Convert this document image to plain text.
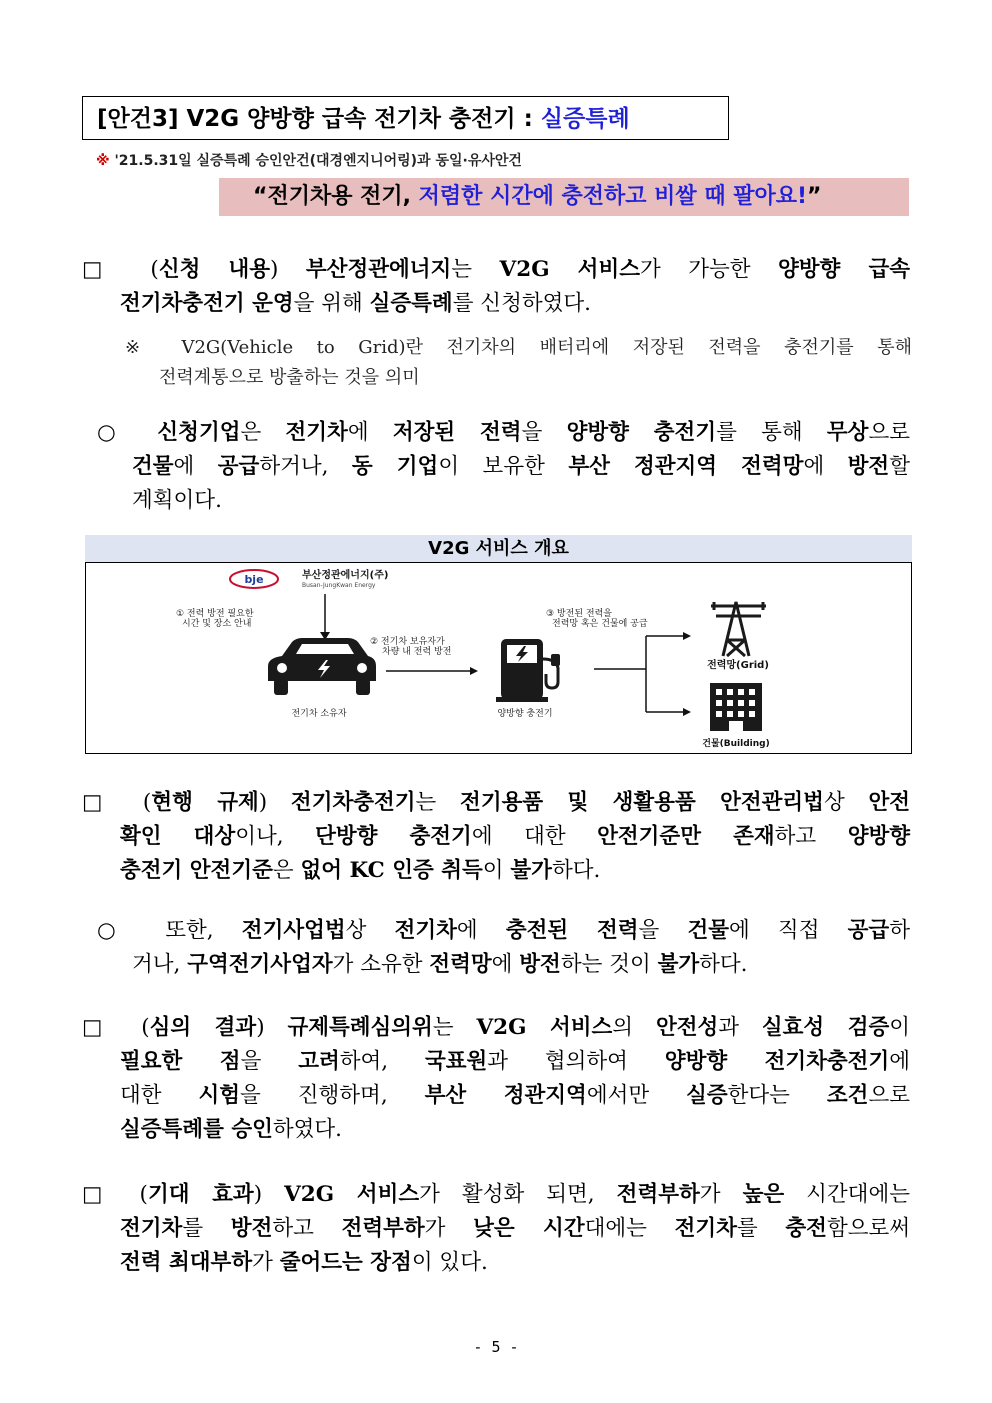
[안건3] V2G 양방향 급속 전기차 충전기 : 실증특례
※ '21.5.31일 실증특례 승인안건(대경엔지니어링)과 동일·유사안건
“전기차용 전기, 저렴한 시간에 충전하고 비쌀 때 팔아요!”
□ (신청 내용) 부산정관에너지는 V2G 서비스가 가능한 양방향 급속
전기차충전기 운영을 위해 실증특례를 신청하였다.
※ V2G(Vehicle to Grid)란 전기차의 배터리에 저장된 전력을 충전기를 통해
전력계통으로 방출하는 것을 의미
○ 신청기업은 전기차에 저장된 전력을 양방향 충전기를 통해 무상으로
건물에 공급하거나, 동 기업이 보유한 부산 정관지역 전력망에 방전할
계획이다.
V2G 서비스 개요
bje	부산정관에너지(주)
Busan-JungKwan Energy
① 전력 방전 필요한
시간 및 장소 안내
전기차 소유자
② 전기차 보유자가
차량 내 전력 방전
양방향 충전기
③ 방전된 전력을
전력망 혹은 건물에 공급
전력망(Grid)
건물(Building)
□ (현행 규제) 전기차충전기는 전기용품 및 생활용품 안전관리법상 안전
확인 대상이나, 단방향 충전기에 대한 안전기준만 존재하고 양방향
충전기 안전기준은 없어 KC 인증 취득이 불가하다.
○ 또한, 전기사업법상 전기차에 충전된 전력을 건물에 직접 공급하
거나, 구역전기사업자가 소유한 전력망에 방전하는 것이 불가하다.
□ (심의 결과) 규제특례심의위는 V2G 서비스의 안전성과 실효성 검증이
필요한 점을 고려하여, 국표원과 협의하여 양방향 전기차충전기에
대한 시험을 진행하며, 부산 정관지역에서만 실증한다는 조건으로
실증특례를 승인하였다.
□ (기대 효과) V2G 서비스가 활성화 되면, 전력부하가 높은 시간대에는
전기차를 방전하고 전력부하가 낮은 시간대에는 전기차를 충전함으로써
전력 최대부하가 줄어드는 장점이 있다.
- 5 -
